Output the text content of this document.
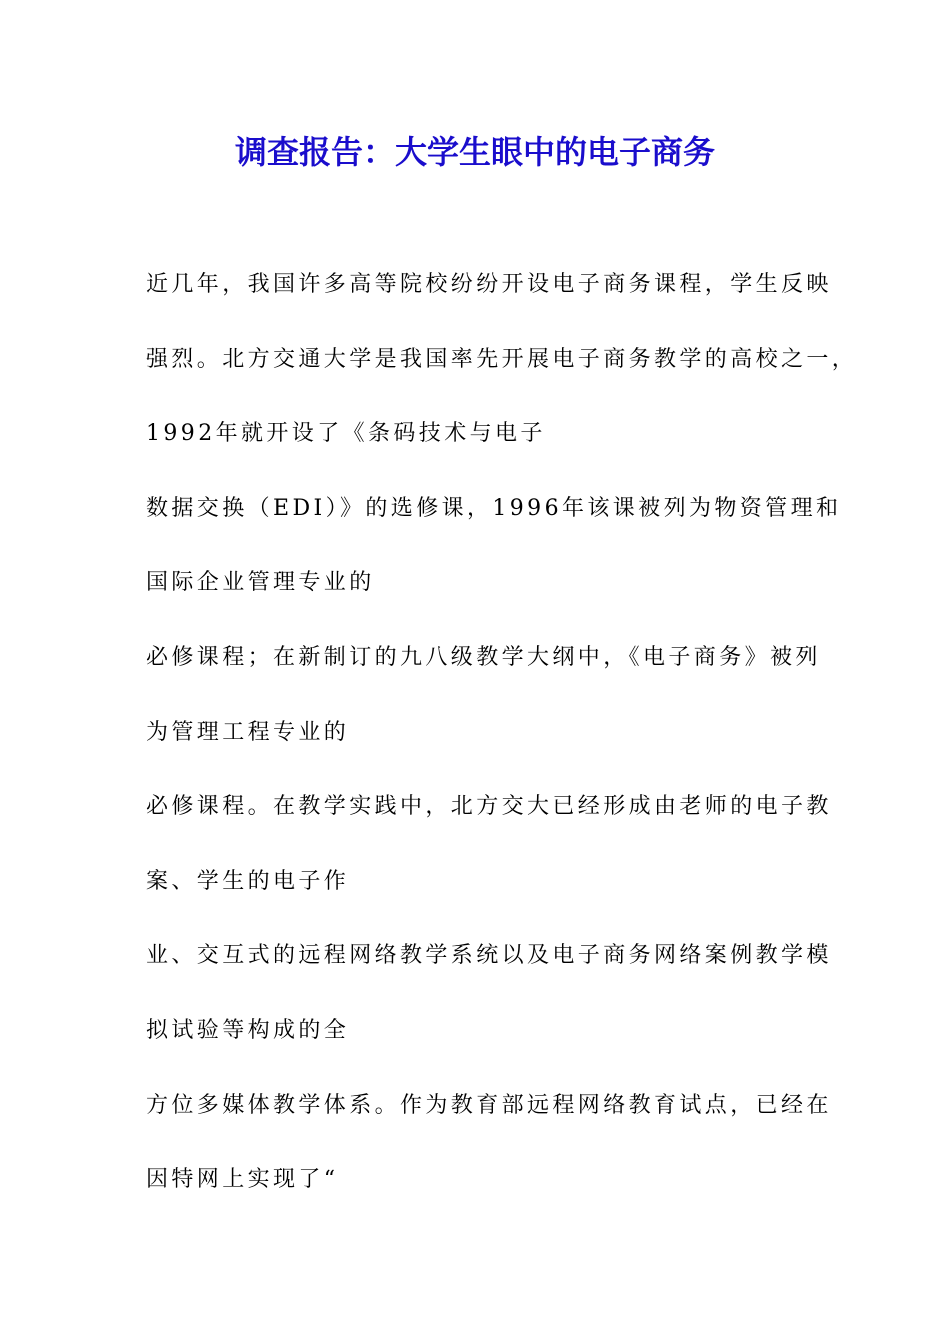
调查报告：大学生眼中的电子商务
近几年，我国许多高等院校纷纷开设电子商务课程，学生反映
强烈。北方交通大学是我国率先开展电子商务教学的高校之一，
1992年就开设了《条码技术与电子
数据交换（EDI）》的选修课，1996年该课被列为物资管理和
国际企业管理专业的
必修课程；在新制订的九八级教学大纲中，《电子商务》被列
为管理工程专业的
必修课程。在教学实践中，北方交大已经形成由老师的电子教
案、学生的电子作
业、交互式的远程网络教学系统以及电子商务网络案例教学模
拟试验等构成的全
方位多媒体教学体系。作为教育部远程网络教育试点，已经在
因特网上实现了“
